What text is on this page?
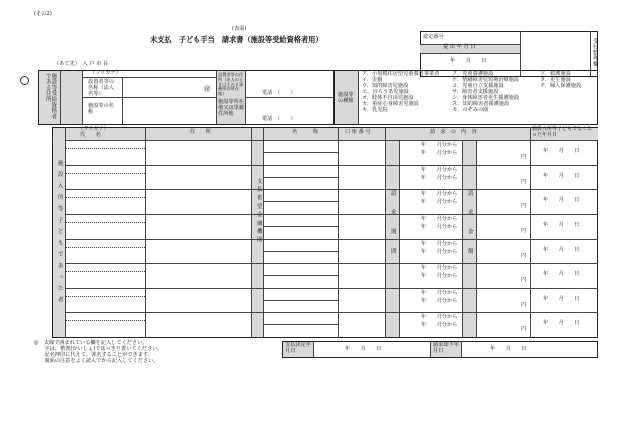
(その2)
(表面)
未支払　子ども手当　請求書（施設等受給資格者用）
（あて先）　入 戸 市 長
認定番号
提 出 年 月 日
年　　月　　日	受付整理欄
施設等受給資格者である住所	（フリガナ）
設置者等の名称（法人名等）
㊞
施設等の名称
設置者等の住所（法人のときは主たる事務所の所在地）
施設等所在地又は里親住所地
電話　（　　）
電話　（　　）
施設等の種類
ア．小規模住居型児童養育事業者
イ．里親
ウ．知的障害児施設
エ．盲ろうあ児施設
オ．肢体不自由児施設
カ．重症心身障害児施設
キ．乳児院
ク．児童養護施設
ケ．情緒障害児短期治療施設
コ．児童自立支援施設
サ．障害者支援施設
シ．身体障害者更生援護施設
ス．知的障害者援護施設
セ．のぞみの園
ソ．救護施設
タ．更生施設
チ．婦人保護施設
施設入所等子どもであった者
（フリガナ）
氏　　名	住　　所
支払希望金融機関
名　　　称	口 座 番 号	請　求　の　内　容
請求期間	請求金額
施設入所等子どもでなくなった年月日
年　　月分から
年　　月分から
円
年　　月　　日
年　　月分から
年　　月分から
円
年　　月　　日
年　　月分から
年　　月分から
円
年　　月　　日
年　　月分から
年　　月分から
円
年　　月　　日
年　　月分から
年　　月分から
円
年　　月　　日
年　　月分から
年　　月分から
円
年　　月　　日
年　　月分から
年　　月分から
円
年　　月　　日
年　　月分から
年　　月分から
円
年　　月　　日
◎　太線で囲まれている欄を記入してください。
　　字は、楷書(かいしょ)ではっきり書いてください。
　　記名押印に代えて、署名することができます。
　　裏面の注意をよく読んでから記入してください。
支払決定年月日	年　　月　　日
請求却下年月日	年　　月　　日
